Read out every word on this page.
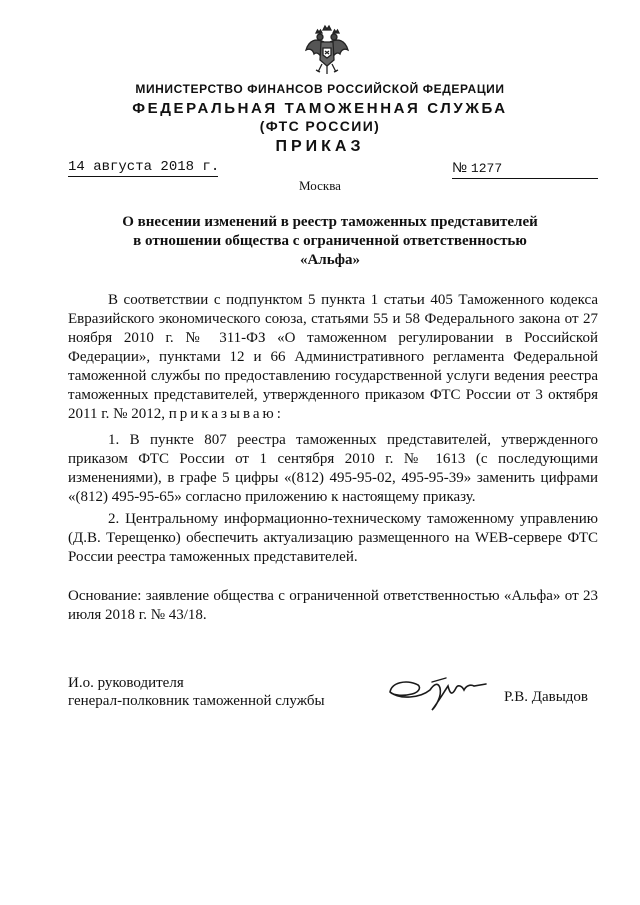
МИНИСТЕРСТВО ФИНАНСОВ РОССИЙСКОЙ ФЕДЕРАЦИИ
ФЕДЕРАЛЬНАЯ ТАМОЖЕННАЯ СЛУЖБА
(ФТС РОССИИ)
ПРИКАЗ
14 августа 2018 г.	№ 1277
Москва
О внесении изменений в реестр таможенных представителей
в отношении общества с ограниченной ответственностью
«Альфа»
В соответствии с подпунктом 5 пункта 1 статьи 405 Таможенного кодекса Евразийского экономического союза, статьями 55 и 58 Федерального закона от 27 ноября 2010 г. № 311-ФЗ «О таможенном регулировании в Российской Федерации», пунктами 12 и 66 Административного регламента Федеральной таможенной службы по предоставлению государственной услуги ведения реестра таможенных представителей, утвержденного приказом ФТС России от 3 октября 2011 г. № 2012, приказываю:
1. В пункте 807 реестра таможенных представителей, утвержденного приказом ФТС России от 1 сентября 2010 г. № 1613 (с последующими изменениями), в графе 5 цифры «(812) 495-95-02, 495-95-39» заменить цифрами «(812) 495-95-65» согласно приложению к настоящему приказу.
2. Центральному информационно-техническому таможенному управлению (Д.В. Терещенко) обеспечить актуализацию размещенного на WEB-сервере ФТС России реестра таможенных представителей.
Основание: заявление общества с ограниченной ответственностью «Альфа» от 23 июля 2018 г. № 43/18.
И.о. руководителя
генерал-полковник таможенной службы	Р.В. Давыдов
